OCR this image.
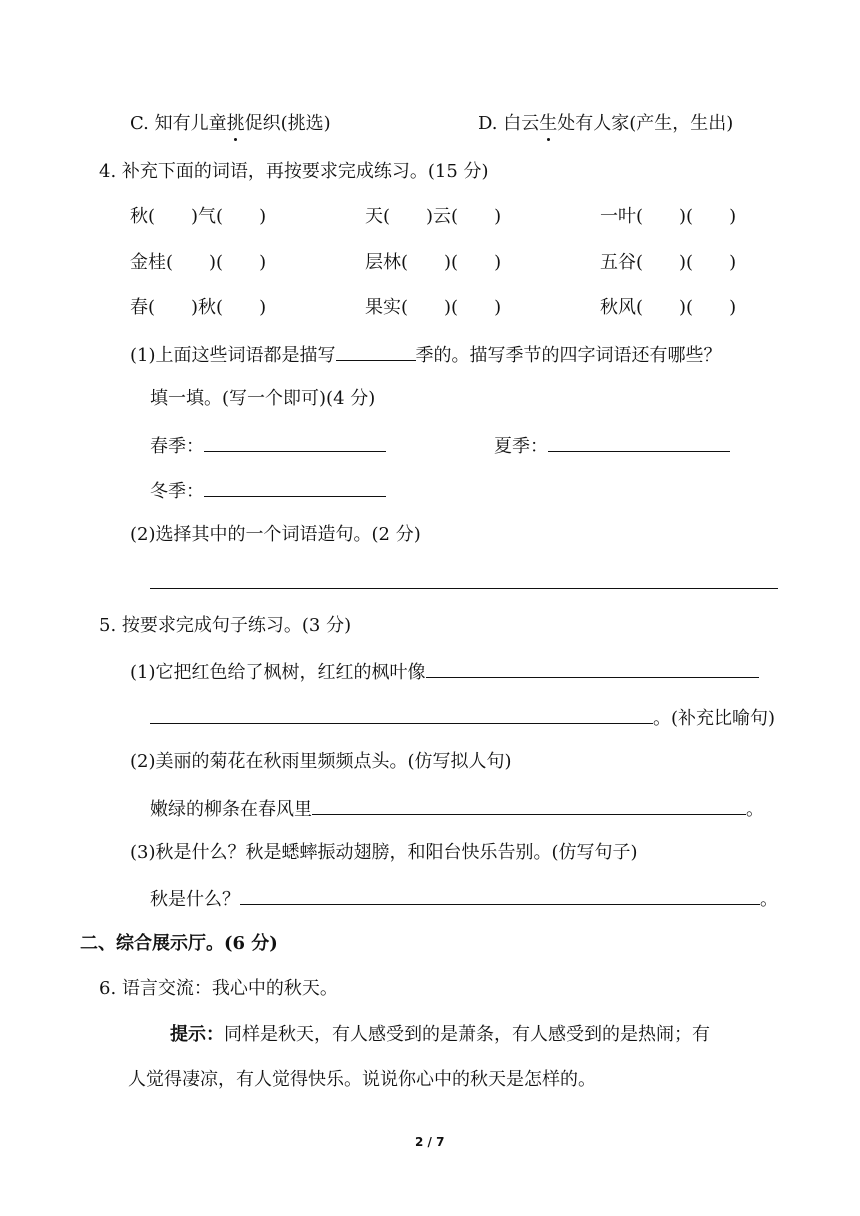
C. 知有儿童挑促织(挑选)	D. 白云生处有人家(产生，生出)
4. 补充下面的词语，再按要求完成练习。(15 分)
秋(　　)气(　　)	天(　　)云(　　)	一叶(　　)(　　)
金桂(　　)(　　)	层林(　　)(　　)	五谷(　　)(　　)
春(　　)秋(　　)	果实(　　)(　　)	秋风(　　)(　　)
(1)上面这些词语都是描写	季的。描写季节的四字词语还有哪些？
填一填。(写一个即可)(4 分)
春季：	夏季：
冬季：
(2)选择其中的一个词语造句。(2 分)
5. 按要求完成句子练习。(3 分)
(1)它把红色给了枫树，红红的枫叶像
。(补充比喻句)
(2)美丽的菊花在秋雨里频频点头。(仿写拟人句)
嫩绿的柳条在春风里	。
(3)秋是什么？秋是蟋蟀振动翅膀，和阳台快乐告别。(仿写句子)
秋是什么？	。
二、综合展示厅。(6 分)
6. 语言交流：我心中的秋天。
提示：同样是秋天，有人感受到的是萧条，有人感受到的是热闹；有
人觉得凄凉，有人觉得快乐。说说你心中的秋天是怎样的。
2 / 7
